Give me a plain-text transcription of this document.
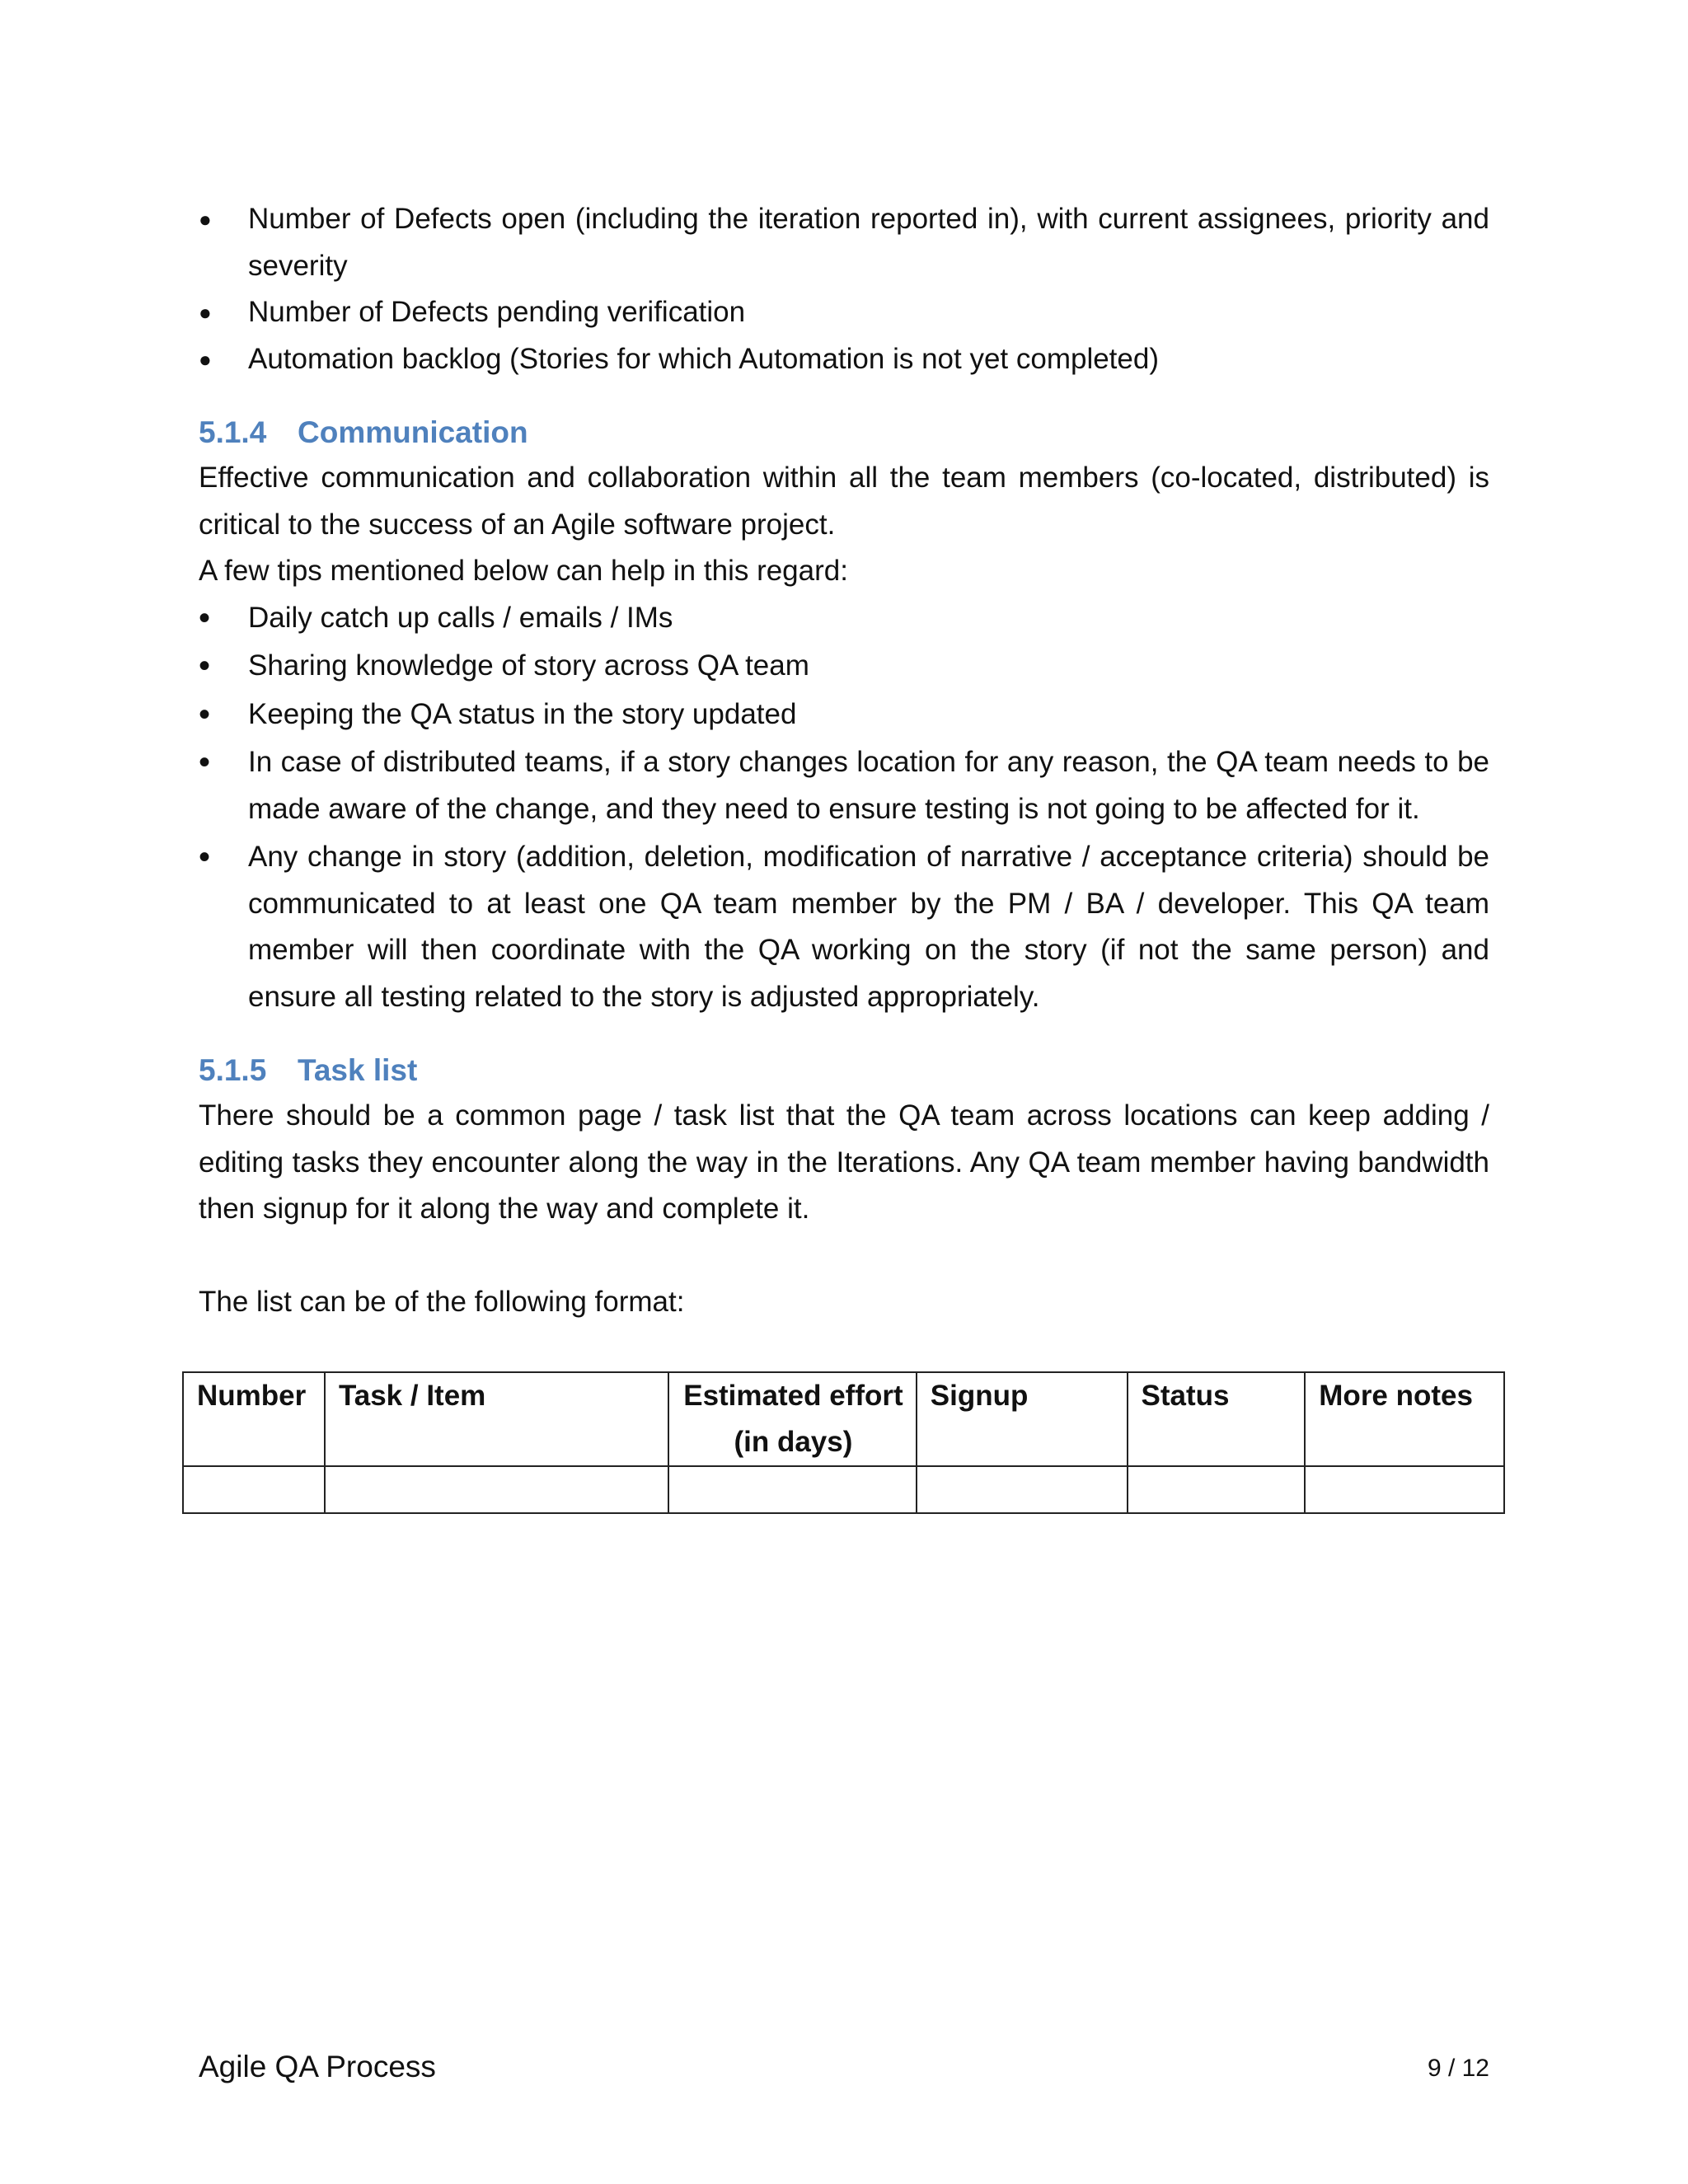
● Number of Defects open (including the iteration reported in), with current assignees, priority and severity
● Number of Defects pending verification
● Automation backlog (Stories for which Automation is not yet completed)
5.1.4 Communication

Effective communication and collaboration within all the team members (co-located, distributed) is critical to the success of an Agile software project.

A few tips mentioned below can help in this regard:

• Daily catch up calls / emails / IMs
• Sharing knowledge of story across QA team
• Keeping the QA status in the story updated
• In case of distributed teams, if a story changes location for any reason, the QA team needs to be made aware of the change, and they need to ensure testing is not going to be affected for it.
• Any change in story (addition, deletion, modification of narrative / acceptance criteria) should be communicated to at least one QA team member by the PM / BA / developer. This QA team member will then coordinate with the QA working on the story (if not the same person) and ensure all testing related to the story is adjusted appropriately.
5.1.5 Task list

There should be a common page / task list that the QA team across locations can keep adding / editing tasks they encounter along the way in the Iterations. Any QA team member having bandwidth then signup for it along the way and complete it.

The list can be of the following format:

Number	Task / Item	Estimated effort (in days)	Signup	Status	More notes

Agile QA Process	9 / 12
